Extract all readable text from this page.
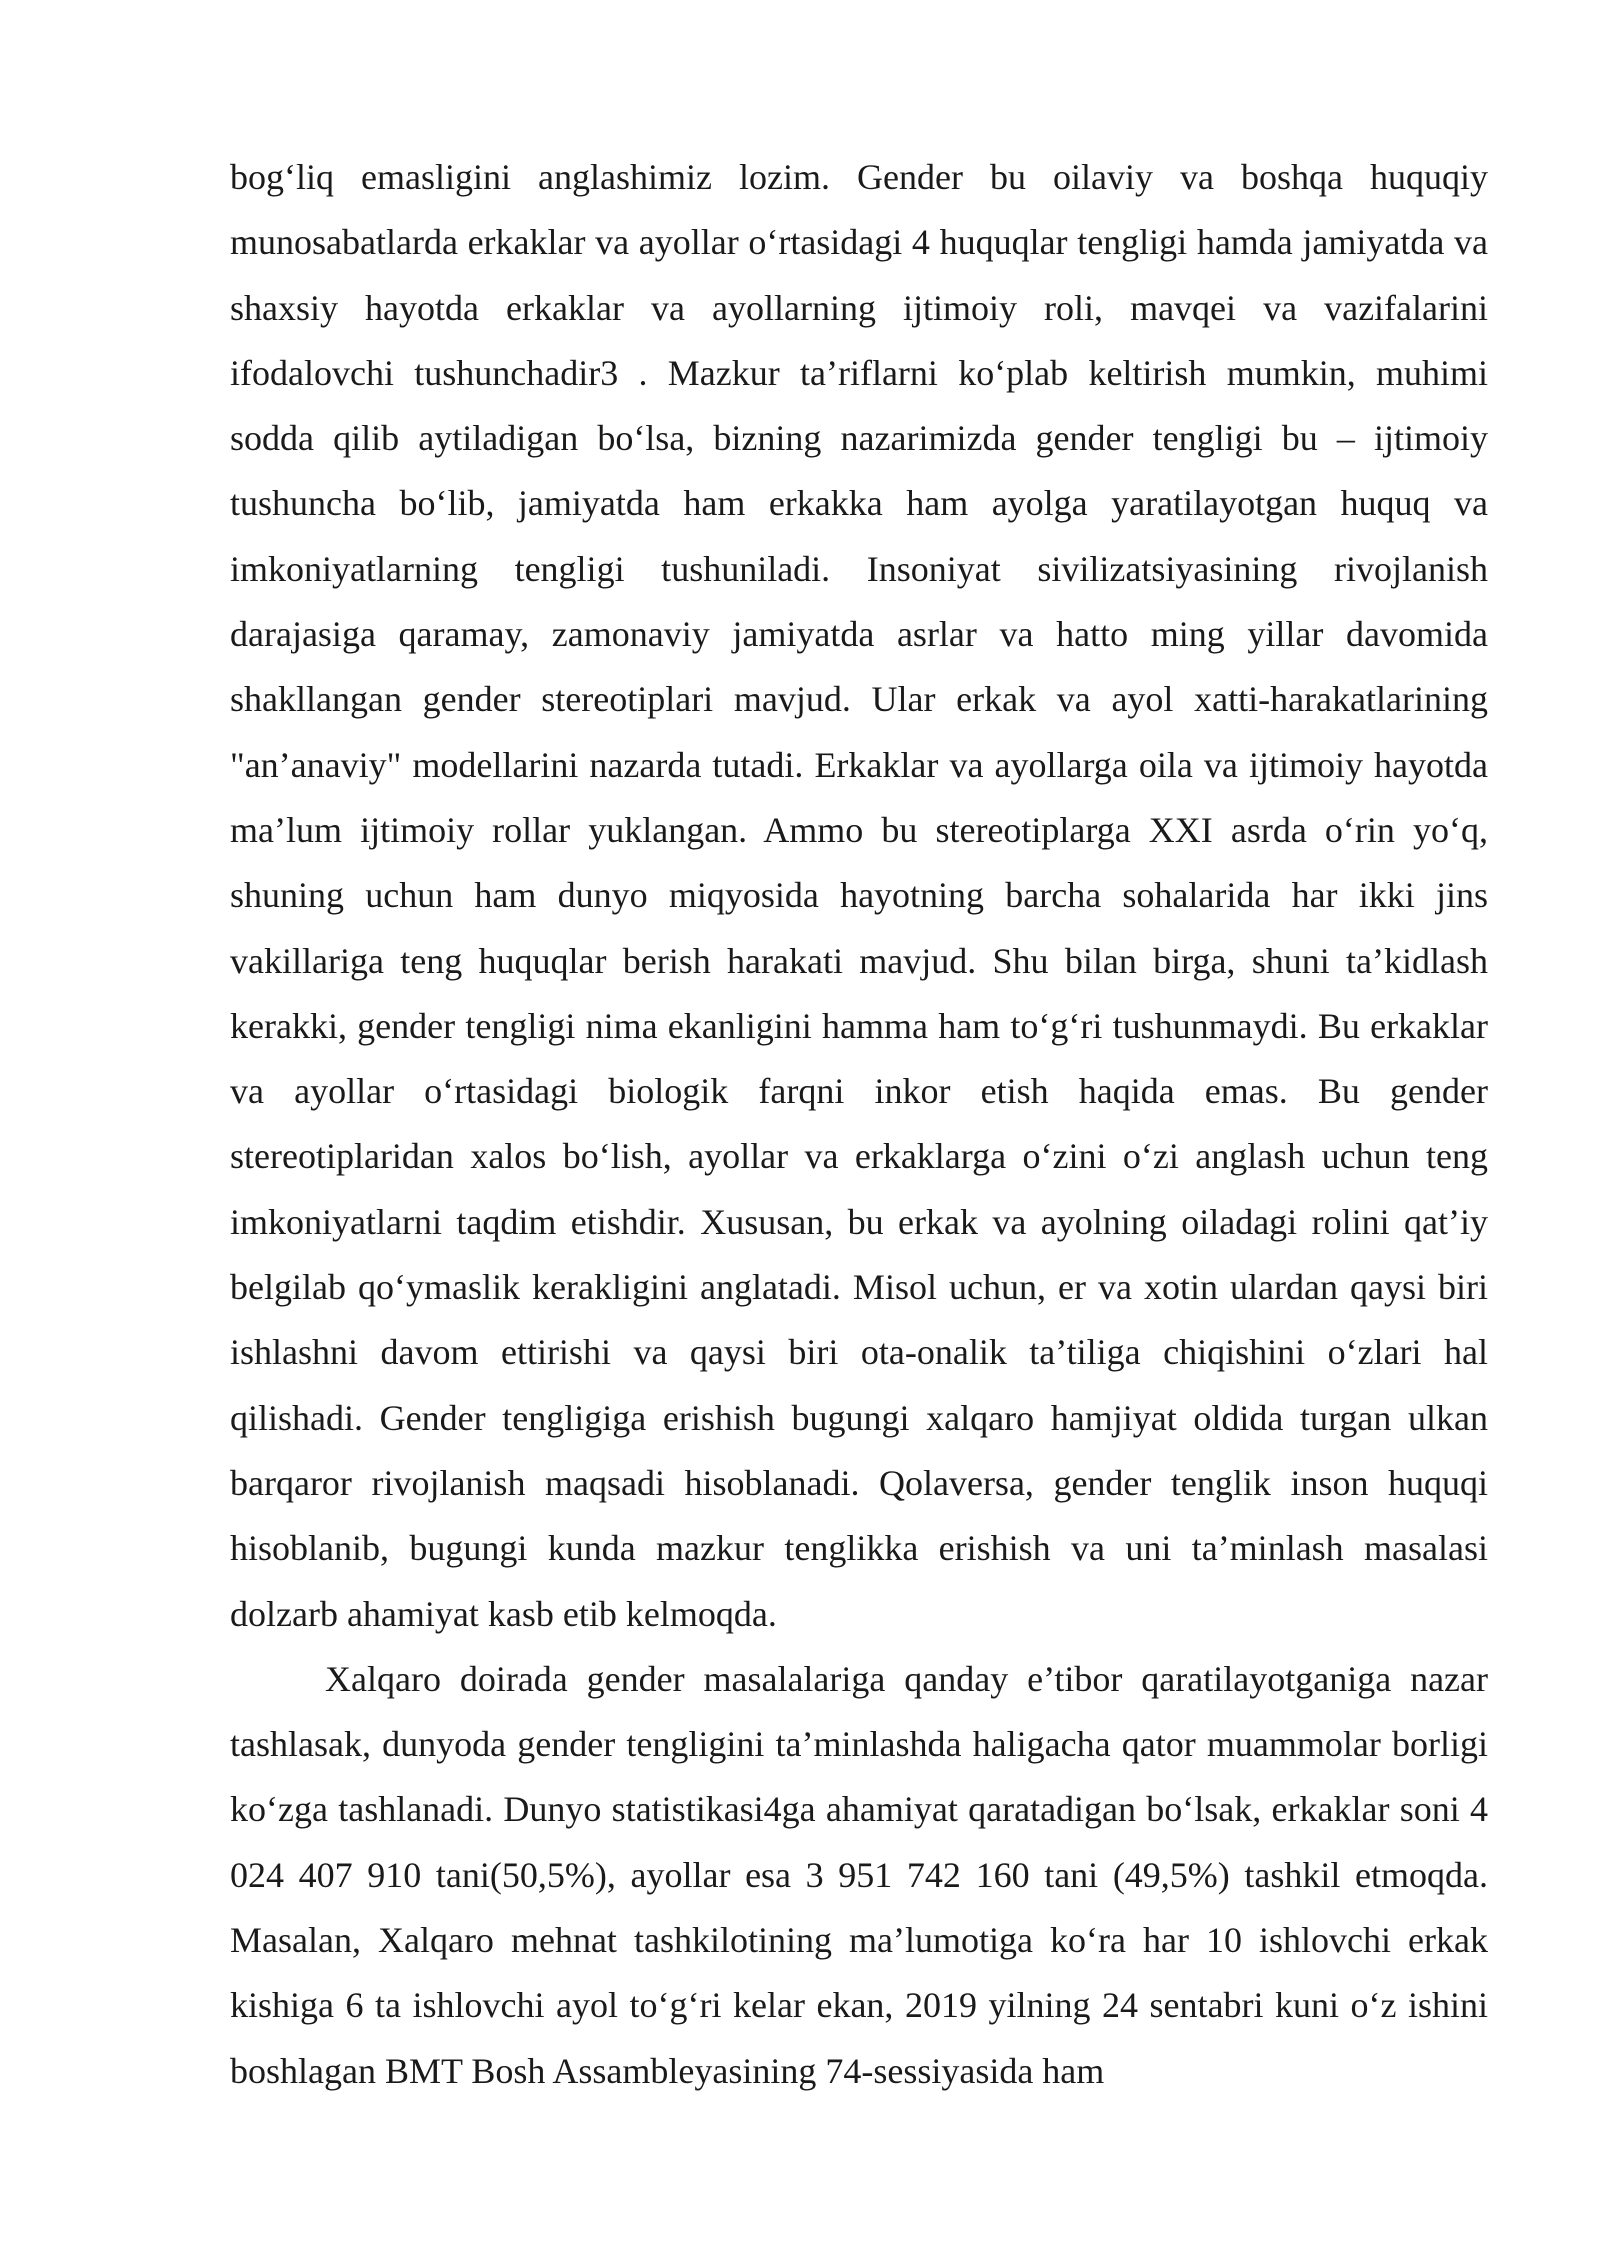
bog‘liq emasligini anglashimiz lozim. Gender bu oilaviy va boshqa huquqiy munosabatlarda erkaklar va ayollar o‘rtasidagi 4 huquqlar tengligi hamda jamiyatda va shaxsiy hayotda erkaklar va ayollarning ijtimoiy roli, mavqei va vazifalarini ifodalovchi tushunchadir3 . Mazkur ta’riflarni ko‘plab keltirish mumkin, muhimi sodda qilib aytiladigan bo‘lsa, bizning nazarimizda gender tengligi bu – ijtimoiy tushuncha bo‘lib, jamiyatda ham erkakka ham ayolga yaratilayotgan huquq va imkoniyatlarning tengligi tushuniladi. Insoniyat sivilizatsiyasining rivojlanish darajasiga qaramay, zamonaviy jamiyatda asrlar va hatto ming yillar davomida shakllangan gender stereotiplari mavjud. Ular erkak va ayol xatti-harakatlarining "an’anaviy" modellarini nazarda tutadi. Erkaklar va ayollarga oila va ijtimoiy hayotda ma’lum ijtimoiy rollar yuklangan. Ammo bu stereotiplarga XXI asrda o‘rin yo‘q, shuning uchun ham dunyo miqyosida hayotning barcha sohalarida har ikki jins vakillariga teng huquqlar berish harakati mavjud. Shu bilan birga, shuni ta’kidlash kerakki, gender tengligi nima ekanligini hamma ham to‘g‘ri tushunmaydi. Bu erkaklar va ayollar o‘rtasidagi biologik farqni inkor etish haqida emas. Bu gender stereotiplaridan xalos bo‘lish, ayollar va erkaklarga o‘zini o‘zi anglash uchun teng imkoniyatlarni taqdim etishdir. Xususan, bu erkak va ayolning oiladagi rolini qat’iy belgilab qo‘ymaslik kerakligini anglatadi. Misol uchun, er va xotin ulardan qaysi biri ishlashni davom ettirishi va qaysi biri ota-onalik ta’tiliga chiqishini o‘zlari hal qilishadi. Gender tengligiga erishish bugungi xalqaro hamjiyat oldida turgan ulkan barqaror rivojlanish maqsadi hisoblanadi. Qolaversa, gender tenglik inson huquqi hisoblanib, bugungi kunda mazkur tenglikka erishish va uni ta’minlash masalasi dolzarb ahamiyat kasb etib kelmoqda.

Xalqaro doirada gender masalalariga qanday e’tibor qaratilayotganiga nazar tashlasak, dunyoda gender tengligini ta’minlashda haligacha qator muammolar borligi ko‘zga tashlanadi. Dunyo statistikasi4ga ahamiyat qaratadigan bo‘lsak, erkaklar soni 4 024 407 910 tani(50,5%), ayollar esa 3 951 742 160 tani (49,5%) tashkil etmoqda. Masalan, Xalqaro mehnat tashkilotining ma’lumotiga ko‘ra har 10 ishlovchi erkak kishiga 6 ta ishlovchi ayol to‘g‘ri kelar ekan, 2019 yilning 24 sentabri kuni o‘z ishini boshlagan BMT Bosh Assambleyasining 74-sessiyasida ham
